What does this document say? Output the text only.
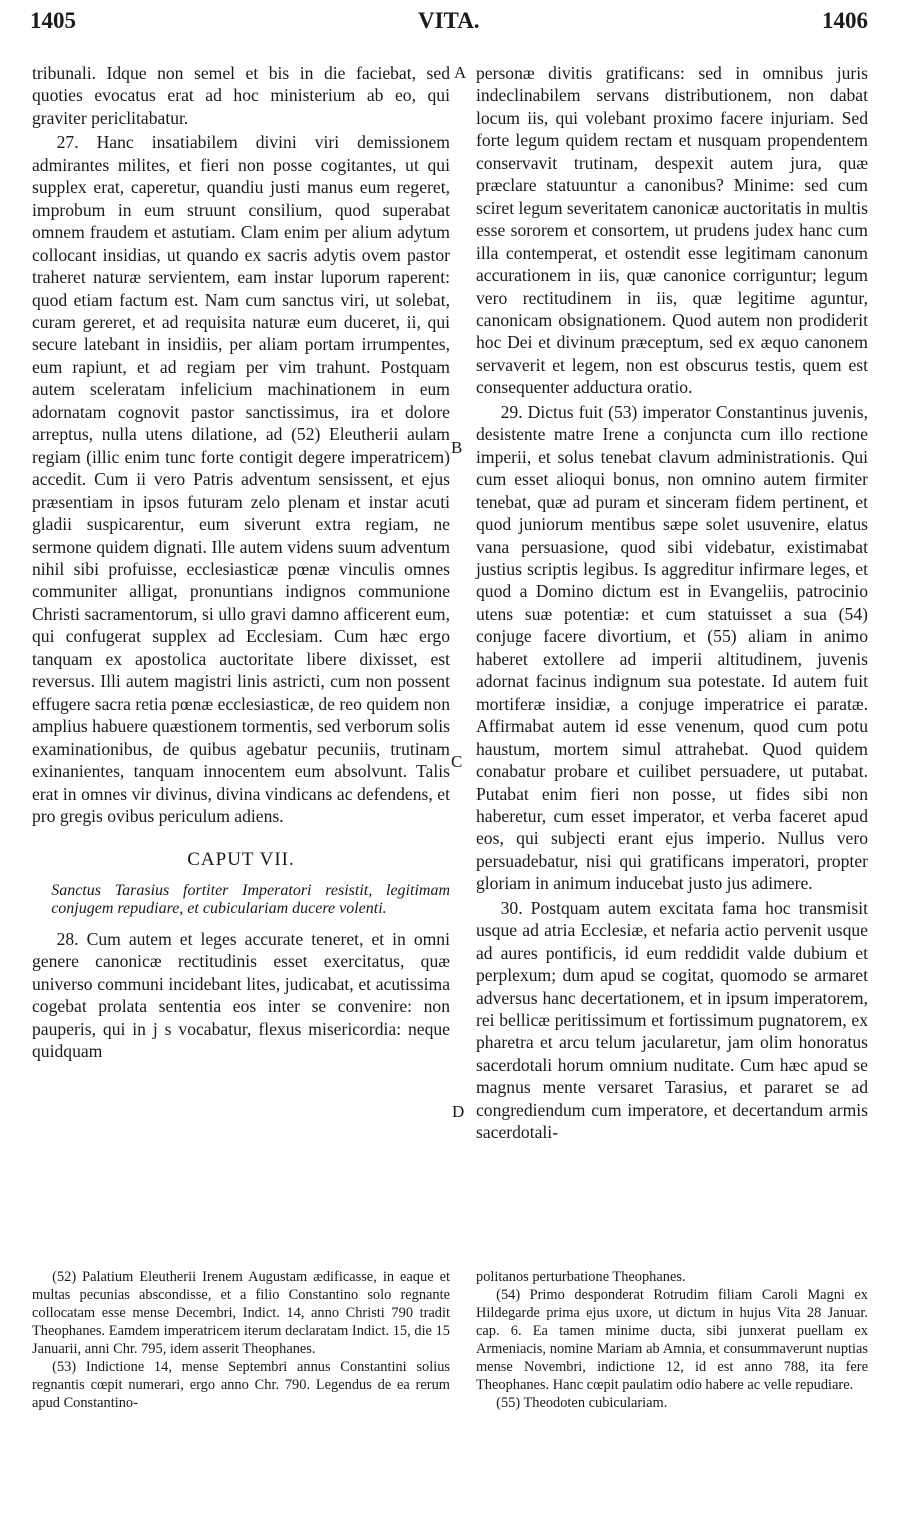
1405	VITA.	1406
A
B
C
D

tribunali. Idque non semel et bis in die faciebat, sed quoties evocatus erat ad hoc ministerium ab eo, qui graviter periclitabatur.

27. Hanc insatiabilem divini viri demissionem admirantes milites, et fieri non posse cogitantes, ut qui supplex erat, caperetur, quandiu justi manus eum regeret, improbum in eum struunt consilium, quod superabat omnem fraudem et astutiam. Clam enim per alium adytum collocant insidias, ut quando ex sacris adytis ovem pastor traheret naturæ servientem, eam instar luporum raperent: quod etiam factum est. Nam cum sanctus viri, ut solebat, curam gereret, et ad requisita naturæ eum duceret, ii, qui secure latebant in insidiis, per aliam portam irrumpentes, eum rapiunt, et ad regiam per vim trahunt. Postquam autem sceleratam infelicium machinationem in eum adornatam cognovit pastor sanctissimus, ira et dolore arreptus, nulla utens dilatione, ad (52) Eleutherii aulam regiam (illic enim tunc forte contigit degere imperatricem) accedit. Cum ii vero Patris adventum sensissent, et ejus præsentiam in ipsos futuram zelo plenam et instar acuti gladii suspicarentur, eum siverunt extra regiam, ne sermone quidem dignati. Ille autem videns suum adventum nihil sibi profuisse, ecclesiasticæ pœnæ vinculis omnes communiter alligat, pronuntians indignos communione Christi sacramentorum, si ullo gravi damno afficerent eum, qui confugerat supplex ad Ecclesiam. Cum hæc ergo tanquam ex apostolica auctoritate libere dixisset, est reversus. Illi autem magistri linis astricti, cum non possent effugere sacra retia pœnæ ecclesiasticæ, de reo quidem non amplius habuere quæstionem tormentis, sed verborum solis examinationibus, de quibus agebatur pecuniis, trutinam exinanientes, tanquam innocentem eum absolvunt. Talis erat in omnes vir divinus, divina vindicans ac defendens, et pro gregis ovibus periculum adiens.

CAPUT VII.

Sanctus Tarasius fortiter Imperatori resistit, legitimam conjugem repudiare, et cubiculariam ducere volenti.

28. Cum autem et leges accurate teneret, et in omni genere canonicæ rectitudinis esset exercitatus, quæ universo communi incidebant lites, judicabat, et acutissima cogebat prolata sententia eos inter se convenire: non pauperis, qui in j s vocabatur, flexus misericordia: neque quidquam

personæ divitis gratificans: sed in omnibus juris indeclinabilem servans distributionem, non dabat locum iis, qui volebant proximo facere injuriam. Sed forte legum quidem rectam et nusquam propendentem conservavit trutinam, despexit autem jura, quæ præclare statuuntur a canonibus? Minime: sed cum sciret legum severitatem canonicæ auctoritatis in multis esse sororem et consortem, ut prudens judex hanc cum illa contemperat, et ostendit esse legitimam canonum accurationem in iis, quæ canonice corriguntur; legum vero rectitudinem in iis, quæ legitime aguntur, canonicam obsignationem. Quod autem non prodiderit hoc Dei et divinum præceptum, sed ex æquo canonem servaverit et legem, non est obscurus testis, quem est consequenter adductura oratio.

29. Dictus fuit (53) imperator Constantinus juvenis, desistente matre Irene a conjuncta cum illo rectione imperii, et solus tenebat clavum administrationis. Qui cum esset alioqui bonus, non omnino autem firmiter tenebat, quæ ad puram et sinceram fidem pertinent, et quod juniorum mentibus sæpe solet usuvenire, elatus vana persuasione, quod sibi videbatur, existimabat justius scriptis legibus. Is aggreditur infirmare leges, et quod a Domino dictum est in Evangeliis, patrocinio utens suæ potentiæ: et cum statuisset a sua (54) conjuge facere divortium, et (55) aliam in animo haberet extollere ad imperii altitudinem, juvenis adornat facinus indignum sua potestate. Id autem fuit mortiferæ insidiæ, a conjuge imperatrice ei paratæ. Affirmabat autem id esse venenum, quod cum potu haustum, mortem simul attrahebat. Quod quidem conabatur probare et cuilibet persuadere, ut putabat. Putabat enim fieri non posse, ut fides sibi non haberetur, cum esset imperator, et verba faceret apud eos, qui subjecti erant ejus imperio. Nullus vero persuadebatur, nisi qui gratificans imperatori, propter gloriam in animum inducebat justo jus adimere.

30. Postquam autem excitata fama hoc transmisit usque ad atria Ecclesiæ, et nefaria actio pervenit usque ad aures pontificis, id eum reddidit valde dubium et perplexum; dum apud se cogitat, quomodo se armaret adversus hanc decertationem, et in ipsum imperatorem, rei bellicæ peritissimum et fortissimum pugnatorem, ex pharetra et arcu telum jacularetur, jam olim honoratus sacerdotali horum omnium nuditate. Cum hæc apud se magnus mente versaret Tarasius, et pararet se ad congrediendum cum imperatore, et decertandum armis sacerdotali-

(52) Palatium Eleutherii Irenem Augustam ædificasse, in eaque et multas pecunias abscondisse, et a filio Constantino solo regnante collocatam esse mense Decembri, Indict. 14, anno Christi 790 tradit Theophanes. Eamdem imperatricem iterum declaratam Indict. 15, die 15 Januarii, anni Chr. 795, idem asserit Theophanes.

(53) Indictione 14, mense Septembri annus Constantini solius regnantis cœpit numerari, ergo anno Chr. 790. Legendus de ea rerum apud Constantino-

politanos perturbatione Theophanes.

(54) Primo desponderat Rotrudim filiam Caroli Magni ex Hildegarde prima ejus uxore, ut dictum in hujus Vita 28 Januar. cap. 6. Ea tamen minime ducta, sibi junxerat puellam ex Armeniacis, nomine Mariam ab Amnia, et consummaverunt nuptias mense Novembri, indictione 12, id est anno 788, ita fere Theophanes. Hanc cœpit paulatim odio habere ac velle repudiare.

(55) Theodoten cubiculariam.
